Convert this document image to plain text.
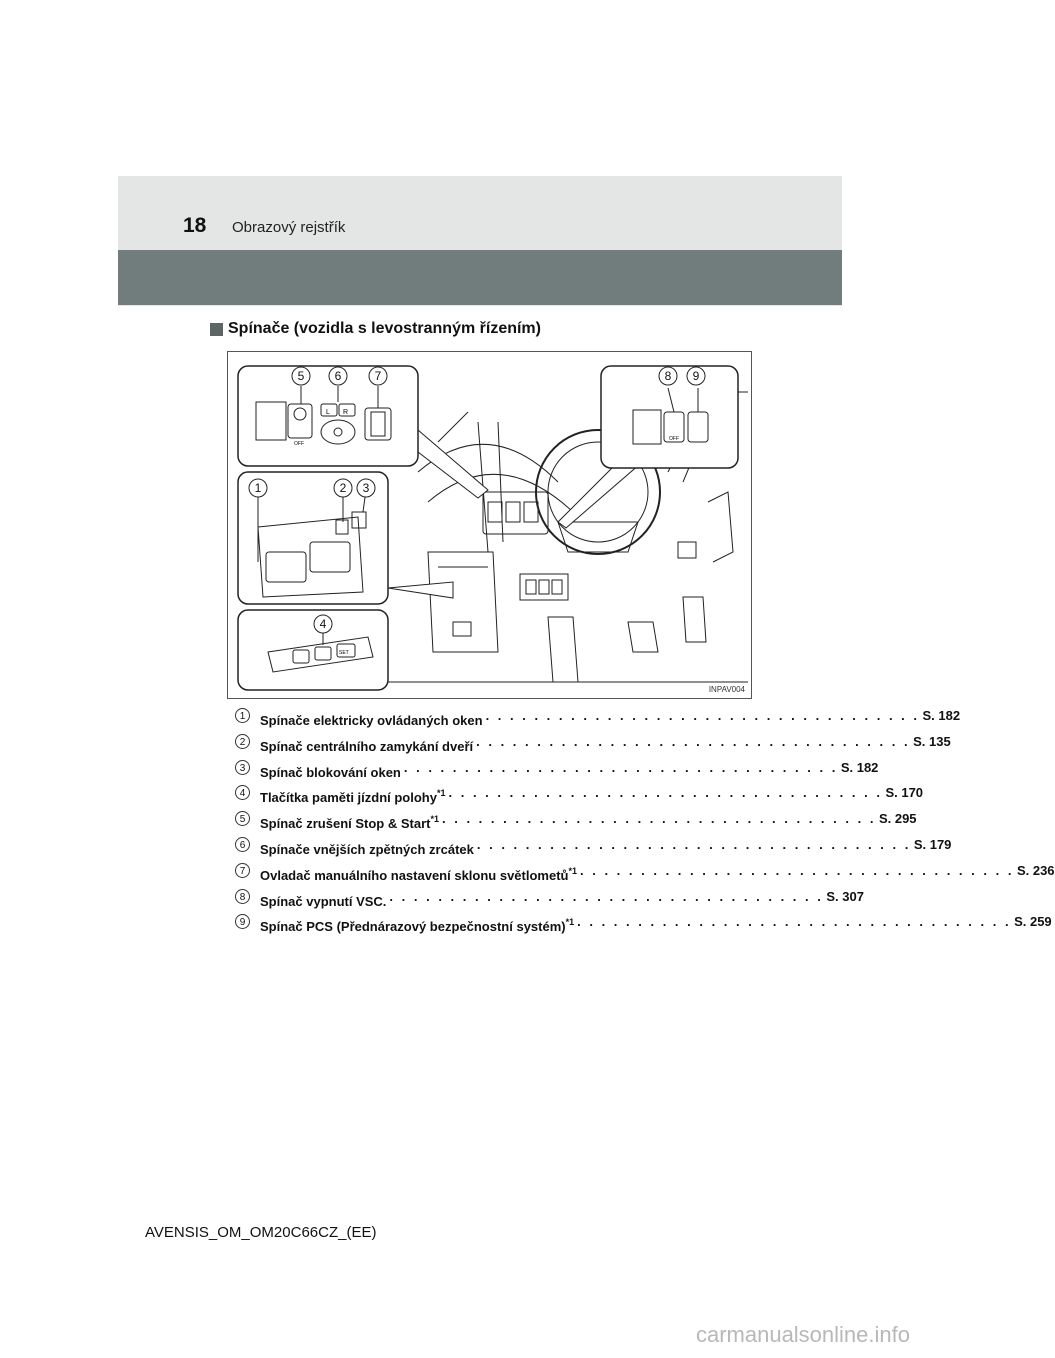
18 Obrazový rejstřík
Spínače (vozidla s levostranným řízením)
OFF
L R
OFF
SET
5	6	7	8 9
1	2 3
4
INPAV004
1	Spínače elektricky ovládaných oken . . . . . . . . . . . . . . . . . . . . . . . . . . . . . . . . . . . . S. 182
2	Spínač centrálního zamykání dveří . . . . . . . . . . . . . . . . . . . . . . . . . . . . . . . . . . . . S. 135
3	Spínač blokování oken . . . . . . . . . . . . . . . . . . . . . . . . . . . . . . . . . . . . S. 182
4	Tlačítka paměti jízdní polohy$^{*1}$ . . . . . . . . . . . . . . . . . . . . . . . . . . . . . . . . . . . . S. 170
5	Spínač zrušení Stop & Start$^{*1}$ . . . . . . . . . . . . . . . . . . . . . . . . . . . . . . . . . . . . S. 295
6	Spínače vnějších zpětných zrcátek . . . . . . . . . . . . . . . . . . . . . . . . . . . . . . . . . . . . S. 179
7	Ovladač manuálního nastavení sklonu světlometů$^{*1}$ . . . . . . . . . . . . . . . . . . . . . . . . . . . . . . . . . . . . S. 236
8	Spínač vypnutí VSC. . . . . . . . . . . . . . . . . . . . . . . . . . . . . . . . . . . . . S. 307
9	Spínač PCS (Přednárazový bezpečnostní systém)$^{*1}$ . . . . . . . . . . . . . . . . . . . . . . . . . . . . . . . . . . . . S. 259
AVENSIS_OM_OM20C66CZ_(EE)
carmanualsonline.info
